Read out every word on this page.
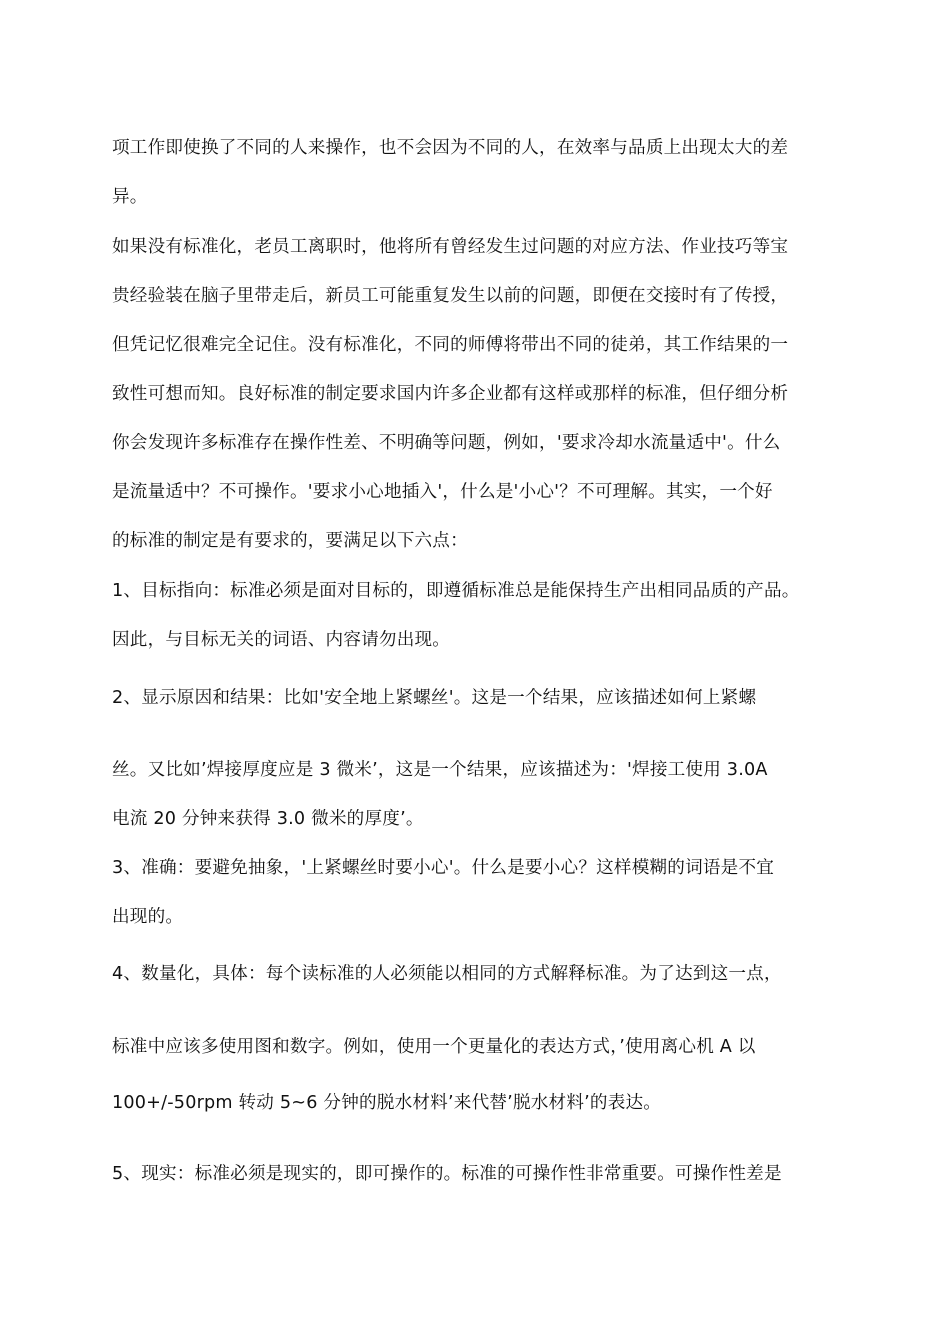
项工作即使换了不同的人来操作，也不会因为不同的人，在效率与品质上出现太大的差
异。
如果没有标准化，老员工离职时，他将所有曾经发生过问题的对应方法、作业技巧等宝
贵经验装在脑子里带走后，新员工可能重复发生以前的问题，即便在交接时有了传授，
但凭记忆很难完全记住。没有标准化，不同的师傅将带出不同的徒弟，其工作结果的一
致性可想而知。良好标准的制定要求国内许多企业都有这样或那样的标准，但仔细分析
你会发现许多标准存在操作性差、不明确等问题，例如，'要求冷却水流量适中'。什么
是流量适中？不可操作。'要求小心地插入'，什么是'小心'？不可理解。其实，一个好
的标准的制定是有要求的，要满足以下六点：
1、目标指向：标准必须是面对目标的，即遵循标准总是能保持生产出相同品质的产品。
因此，与目标无关的词语、内容请勿出现。
2、显示原因和结果：比如'安全地上紧螺丝'。这是一个结果，应该描述如何上紧螺
丝。又比如’焊接厚度应是 3 微米’，这是一个结果，应该描述为：'焊接工使用 3.0A
电流 20 分钟来获得 3.0 微米的厚度’。
3、准确：要避免抽象，'上紧螺丝时要小心'。什么是要小心？这样模糊的词语是不宜
出现的。
4、数量化，具体：每个读标准的人必须能以相同的方式解释标准。为了达到这一点，
标准中应该多使用图和数字。例如，使用一个更量化的表达方式，’使用离心机 A 以
100+/-50rpm 转动 5~6 分钟的脱水材料’来代替’脱水材料’的表达。
5、现实：标准必须是现实的，即可操作的。标准的可操作性非常重要。可操作性差是
